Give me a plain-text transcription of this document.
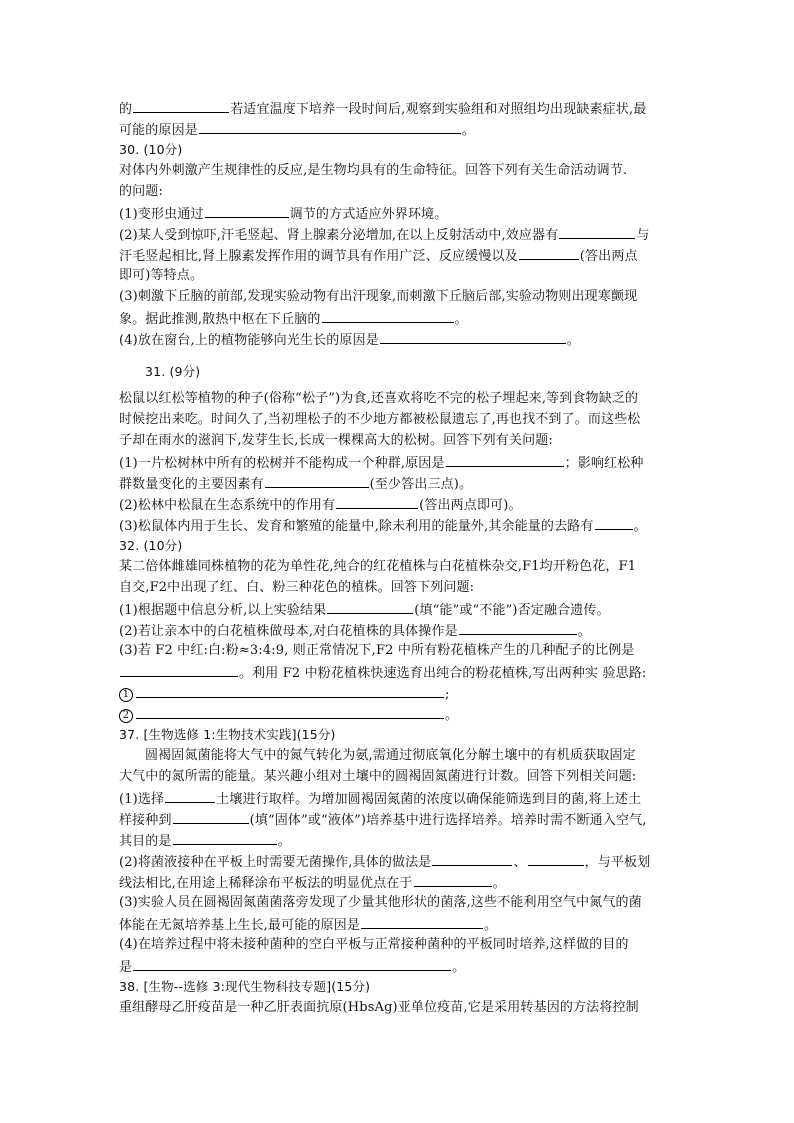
的	若适宜温度下培养一段时间后,观察到实验组和对照组均出现缺素症状,最
可能的原因是	。
30. (10分)
对体内外刺激产生规律性的反应,是生物均具有的生命特征。回答下列有关生命活动调节.
的问题:
(1)变形虫通过	调节的方式适应外界环境。
(2)某人受到惊吓,汗毛竖起、肾上腺素分泌增加,在以上反射活动中,效应器有	与
汗毛竖起相比,肾上腺素发挥作用的调节具有作用广泛、反应缓慢以及	(答出两点
即可)等特点。
(3)刺激下丘脑的前部,发现实验动物有出汗现象,而刺激下丘脑后部,实验动物则出现寒颤现
象。据此推测,散热中枢在下丘脑的	。
(4)放在窗台,上的植物能够向光生长的原因是	。
31. (9分)
松鼠以红松等植物的种子(俗称“松子”)为食,还喜欢将吃不完的松子埋起来,等到食物缺乏的
时候挖出来吃。时间久了,当初埋松子的不少地方都被松鼠遗忘了,再也找不到了。而这些松
子却在雨水的滋润下,发芽生长,长成一棵棵高大的松树。回答下列有关问题:
(1)一片松树林中所有的松树并不能构成一个种群,原因是	；影响红松种
群数量变化的主要因素有	(至少答出三点)。
(2)松林中松鼠在生态系统中的作用有	(答出两点即可)。
(3)松鼠体内用于生长、发育和繁殖的能量中,除未利用的能量外,其余能量的去路有	。
32. (10分)
某二倍体雌雄同株植物的花为单性花,纯合的红花植株与白花植株杂交,F1均开粉色花，F1
自交,F2中出现了红、白、粉三种花色的植株。回答下列问题:
(1)根据题中信息分析,以上实验结果	(填“能”或“不能”)否定融合遗传。
(2)若让亲本中的白花植株做母本,对白花植株的具体操作是	。
(3)若 F2 中红:白:粉≈3:4:9, 则正常情况下,F2 中所有粉花植株产生的几种配子的比例是
。利用 F2 中粉花植株快速选育出纯合的粉花植株,写出两种实 验思路:
1	;
2	。
37. [生物选修 1:生物技术实践](15分)
圆褐固氮菌能将大气中的氮气转化为氨,需通过彻底氧化分解土壤中的有机质获取固定
大气中的氮所需的能量。某兴趣小组对土壤中的圆褐固氮菌进行计数。回答下列相关问题:
(1)选择	土壤进行取样。为增加圆褐固氮菌的浓度以确保能筛选到目的菌,将上述土
样接种到	(填“固体”或“液体”)培养基中进行选择培养。培养时需不断通入空气,
其目的是	。
(2)将菌液接种在平板上时需要无菌操作,具体的做法是	、	，与平板划
线法相比,在用途上稀释涂布平板法的明显优点在于	。
(3)实验人员在圆褐固氮菌菌落旁发现了少量其他形状的菌落,这些不能利用空气中氮气的菌
体能在无氮培养基上生长,最可能的原因是	。
(4)在培养过程中将未接种菌种的空白平板与正常接种菌种的平板同时培养,这样做的目的
是	。
38. [生物--选修 3:现代生物科技专题](15分)
重组酵母乙肝疫苗是一种乙肝表面抗原(HbsAg)亚单位疫苗,它是采用转基因的方法将控制
